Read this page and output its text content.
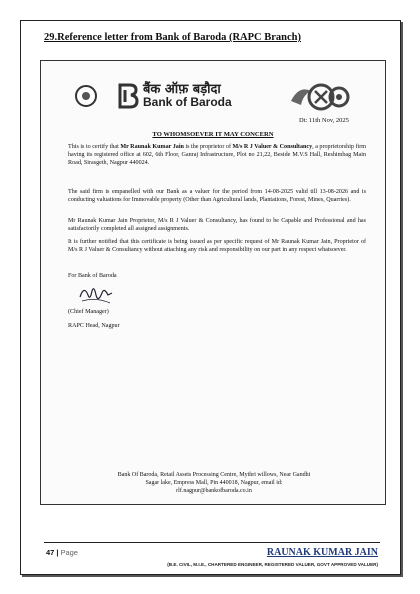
29.Reference letter from Bank of Baroda (RAPC Branch)
बैंक ऑफ़ बड़ौदा
Bank of Baroda
Dt: 11th Nov, 2025
TO WHOMSOEVER IT MAY CONCERN

This is to certify that Mr Raunak Kumar Jain is the proprietor of M/s R J Valuer & Consultancy, a proprietorship firm having its registered office at 602, 6th Floor, Ganraj Infrastructure, Plot no 21,22, Beside M.V.S Hall, Reshimbag Main Road, Sirasgeth, Nagpur 440024.

The said firm is empanelled with our Bank as a valuer for the period from 14-08-2025 valid till 13-08-2026 and is conducting valuations for Immovable property (Other than Agricultural lands, Plantations, Forest, Mines, Quarries).

Mr Raunak Kumar Jain Proprietor, M/s R J Valuer & Consultancy, has found to be Capable and Professional and has satisfactorily completed all assigned assignments.

It is further notified that this certificate is being issued as per specific request of Mr Raunak Kumar Jain, Proprietor of M/s R J Valuer & Consultancy without attaching any risk and responsibility on our part in any respect whatsoever.

For Bank of Baroda
(Chief Manager)
RAPC Head, Nagpur
Bank Of Baroda, Retail Assets Processing Centre, Mythri willows, Near Gandhi
Sagar lake, Empress Mall, Pin 440018, Nagpur, email id:
rlf.nagpur@bankofbaroda.co.in
47 | Page	RAUNAK KUMAR JAIN
(B.E. CIVIL, M.I.E., CHARTERED ENGINEER, REGISTERED VALUER, GOVT APPROVED VALUER)
